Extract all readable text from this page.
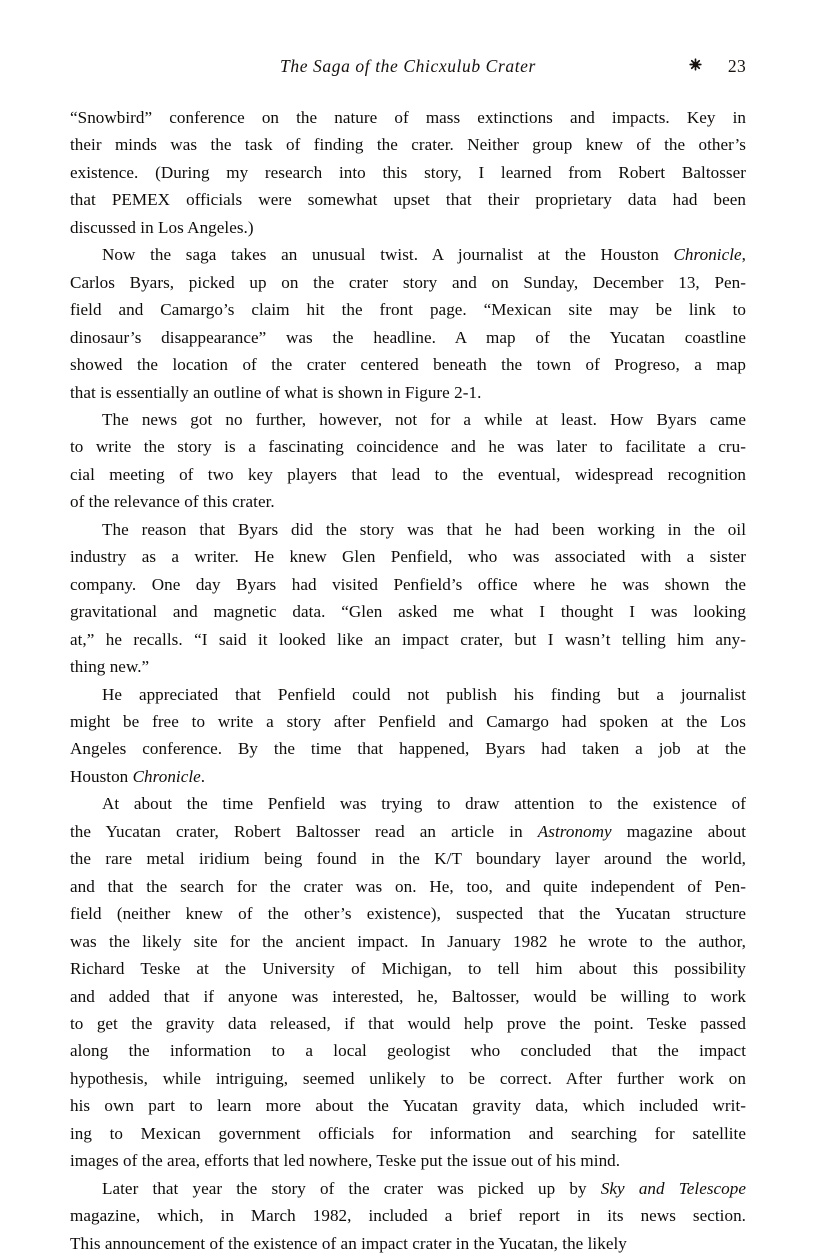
The Saga of the Chicxulub Crater	23

“Snowbird” conference on the nature of mass extinctions and impacts. Key in
their minds was the task of finding the crater. Neither group knew of the other’s
existence. (During my research into this story, I learned from Robert Baltosser
that PEMEX officials were somewhat upset that their proprietary data had been
discussed in Los Angeles.)

Now the saga takes an unusual twist. A journalist at the Houston Chronicle,
Carlos Byars, picked up on the crater story and on Sunday, December 13, Pen-
field and Camargo’s claim hit the front page. “Mexican site may be link to
dinosaur’s disappearance” was the headline. A map of the Yucatan coastline
showed the location of the crater centered beneath the town of Progreso, a map
that is essentially an outline of what is shown in Figure 2-1.

The news got no further, however, not for a while at least. How Byars came
to write the story is a fascinating coincidence and he was later to facilitate a cru-
cial meeting of two key players that lead to the eventual, widespread recognition
of the relevance of this crater.

The reason that Byars did the story was that he had been working in the oil
industry as a writer. He knew Glen Penfield, who was associated with a sister
company. One day Byars had visited Penfield’s office where he was shown the
gravitational and magnetic data. “Glen asked me what I thought I was looking
at,” he recalls. “I said it looked like an impact crater, but I wasn’t telling him any-
thing new.”

He appreciated that Penfield could not publish his finding but a journalist
might be free to write a story after Penfield and Camargo had spoken at the Los
Angeles conference. By the time that happened, Byars had taken a job at the
Houston Chronicle.

At about the time Penfield was trying to draw attention to the existence of
the Yucatan crater, Robert Baltosser read an article in Astronomy magazine about
the rare metal iridium being found in the K/T boundary layer around the world,
and that the search for the crater was on. He, too, and quite independent of Pen-
field (neither knew of the other’s existence), suspected that the Yucatan structure
was the likely site for the ancient impact. In January 1982 he wrote to the author,
Richard Teske at the University of Michigan, to tell him about this possibility
and added that if anyone was interested, he, Baltosser, would be willing to work
to get the gravity data released, if that would help prove the point. Teske passed
along the information to a local geologist who concluded that the impact
hypothesis, while intriguing, seemed unlikely to be correct. After further work on
his own part to learn more about the Yucatan gravity data, which included writ-
ing to Mexican government officials for information and searching for satellite
images of the area, efforts that led nowhere, Teske put the issue out of his mind.

Later that year the story of the crater was picked up by Sky and Telescope
magazine, which, in March 1982, included a brief report in its news section.
This announcement of the existence of an impact crater in the Yucatan, the likely
